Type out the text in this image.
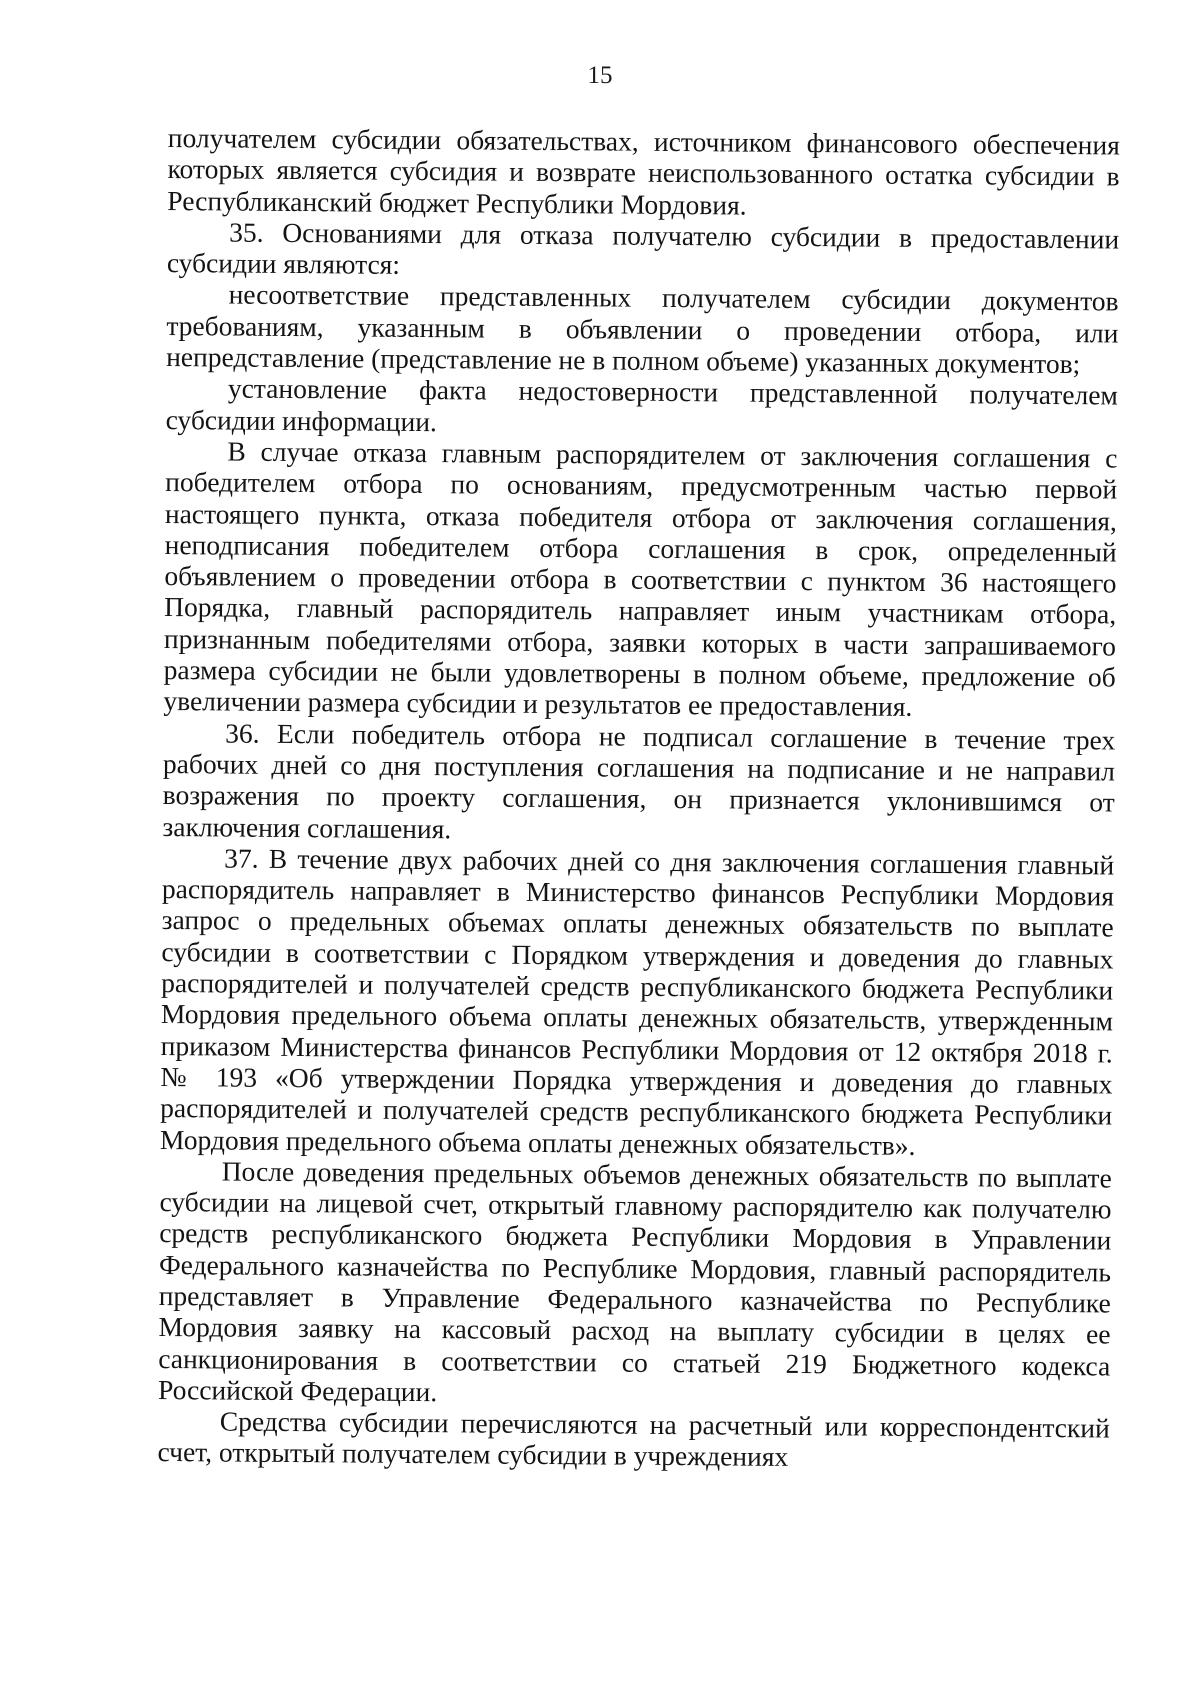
15

получателем субсидии обязательствах, источником финансового обеспечения которых является субсидия и возврате неиспользованного остатка субсидии в Республиканский бюджет Республики Мордовия.

35. Основаниями для отказа получателю субсидии в предоставлении субсидии являются:

несоответствие представленных получателем субсидии документов требованиям, указанным в объявлении о проведении отбора, или непредставление (представление не в полном объеме) указанных документов;

установление факта недостоверности представленной получателем субсидии информации.

В случае отказа главным распорядителем от заключения соглашения с победителем отбора по основаниям, предусмотренным частью первой настоящего пункта, отказа победителя отбора от заключения соглашения, неподписания победителем отбора соглашения в срок, определенный объявлением о проведении отбора в соответствии с пунктом 36 настоящего Порядка, главный распорядитель направляет иным участникам отбора, признанным победителями отбора, заявки которых в части запрашиваемого размера субсидии не были удовлетворены в полном объеме, предложение об увеличении размера субсидии и результатов ее предоставления.

36. Если победитель отбора не подписал соглашение в течение трех рабочих дней со дня поступления соглашения на подписание и не направил возражения по проекту соглашения, он признается уклонившимся от заключения соглашения.

37. В течение двух рабочих дней со дня заключения соглашения главный распорядитель направляет в Министерство финансов Республики Мордовия запрос о предельных объемах оплаты денежных обязательств по выплате субсидии в соответствии с Порядком утверждения и доведения до главных распорядителей и получателей средств республиканского бюджета Республики Мордовия предельного объема оплаты денежных обязательств, утвержденным приказом Министерства финансов Республики Мордовия от 12 октября 2018 г. № 193 «Об утверждении Порядка утверждения и доведения до главных распорядителей и получателей средств республиканского бюджета Республики Мордовия предельного объема оплаты денежных обязательств».

После доведения предельных объемов денежных обязательств по выплате субсидии на лицевой счет, открытый главному распорядителю как получателю средств республиканского бюджета Республики Мордовия в Управлении Федерального казначейства по Республике Мордовия, главный распорядитель представляет в Управление Федерального казначейства по Республике Мордовия заявку на кассовый расход на выплату субсидии в целях ее санкционирования в соответствии со статьей 219 Бюджетного кодекса Российской Федерации.

Средства субсидии перечисляются на расчетный или корреспондентский счет, открытый получателем субсидии в учреждениях
